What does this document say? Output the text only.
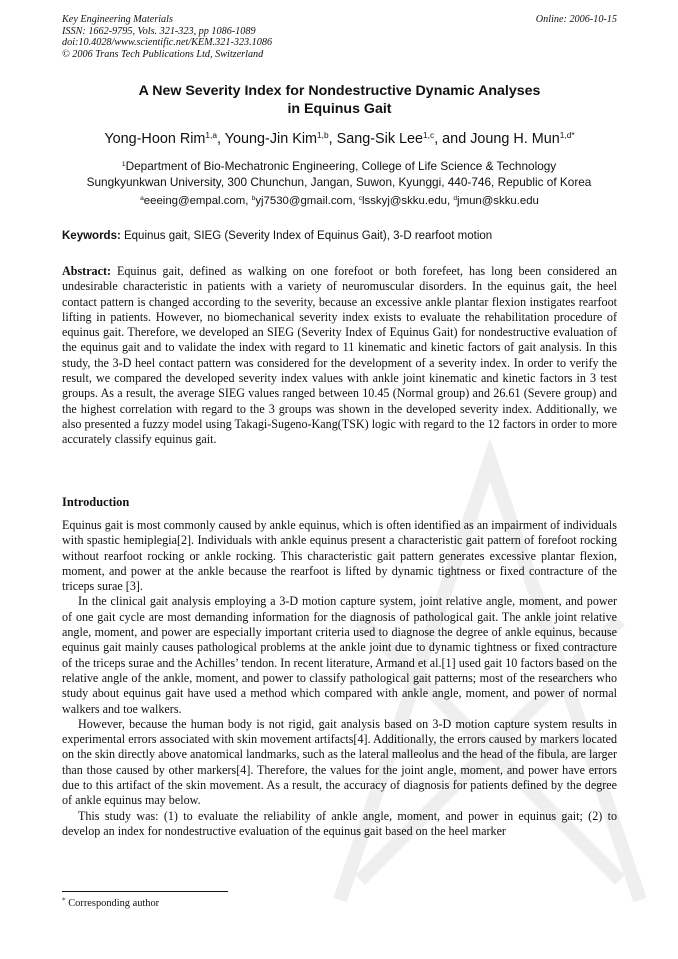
Key Engineering Materials
ISSN: 1662-9795, Vols. 321-323, pp 1086-1089
doi:10.4028/www.scientific.net/KEM.321-323.1086
© 2006 Trans Tech Publications Ltd, Switzerland
Online: 2006-10-15
A New Severity Index for Nondestructive Dynamic Analyses
in Equinus Gait
Yong-Hoon Rim$^{1,a}$, Young-Jin Kim$^{1,b}$, Sang-Sik Lee$^{1,c}$, and Joung H. Mun$^{1,d*}$
$^1$Department of Bio-Mechatronic Engineering, College of Life Science & Technology
Sungkyunkwan University, 300 Chunchun, Jangan, Suwon, Kyunggi, 440-746, Republic of Korea
$^a$eeeing@empal.com, $^b$yj7530@gmail.com, $^c$lsskyj@skku.edu, $^d$jmun@skku.edu
Keywords: Equinus gait, SIEG (Severity Index of Equinus Gait), 3-D rearfoot motion
Abstract: Equinus gait, defined as walking on one forefoot or both forefeet, has long been considered an undesirable characteristic in patients with a variety of neuromuscular disorders. In the equinus gait, the heel contact pattern is changed according to the severity, because an excessive ankle plantar flexion instigates rearfoot lifting in patients. However, no biomechanical severity index exists to evaluate the rehabilitation procedure of equinus gait. Therefore, we developed an SIEG (Severity Index of Equinus Gait) for nondestructive evaluation of the equinus gait and to validate the index with regard to 11 kinematic and kinetic factors of gait analysis. In this study, the 3-D heel contact pattern was considered for the development of a severity index. In order to verify the result, we compared the developed severity index values with ankle joint kinematic and kinetic factors in 3 test groups. As a result, the average SIEG values ranged between 10.45 (Normal group) and 26.61 (Severe group) and the highest correlation with regard to the 3 groups was shown in the developed severity index. Additionally, we also presented a fuzzy model using Takagi-Sugeno-Kang(TSK) logic with regard to the 12 factors in order to more accurately classify equinus gait.
Introduction

Equinus gait is most commonly caused by ankle equinus, which is often identified as an impairment of individuals with spastic hemiplegia[2]. Individuals with ankle equinus present a characteristic gait pattern of forefoot rocking without rearfoot rocking or ankle rocking. This characteristic gait pattern generates excessive plantar flexion, moment, and power at the ankle because the rearfoot is lifted by dynamic tightness or fixed contracture of the triceps surae [3].

In the clinical gait analysis employing a 3-D motion capture system, joint relative angle, moment, and power of one gait cycle are most demanding information for the diagnosis of pathological gait. The ankle joint relative angle, moment, and power are especially important criteria used to diagnose the degree of ankle equinus, because equinus gait mainly causes pathological problems at the ankle joint due to dynamic tightness or fixed contracture of the triceps surae and the Achilles’ tendon. In recent literature, Armand et al.[1] used gait 10 factors based on the relative angle of the ankle, moment, and power to classify pathological gait patterns; most of the researchers who study about equinus gait have used a method which compared with ankle angle, moment, and power of normal walkers and toe walkers.

However, because the human body is not rigid, gait analysis based on 3-D motion capture system results in experimental errors associated with skin movement artifacts[4]. Additionally, the errors caused by markers located on the skin directly above anatomical landmarks, such as the lateral malleolus and the head of the fibula, are larger than those caused by other markers[4]. Therefore, the values for the joint angle, moment, and power have errors due to this artifact of the skin movement. As a result, the accuracy of diagnosis for patients defined by the degree of ankle equinus may below.

This study was: (1) to evaluate the reliability of ankle angle, moment, and power in equinus gait; (2) to develop an index for nondestructive evaluation of the equinus gait based on the heel marker

* Corresponding author
